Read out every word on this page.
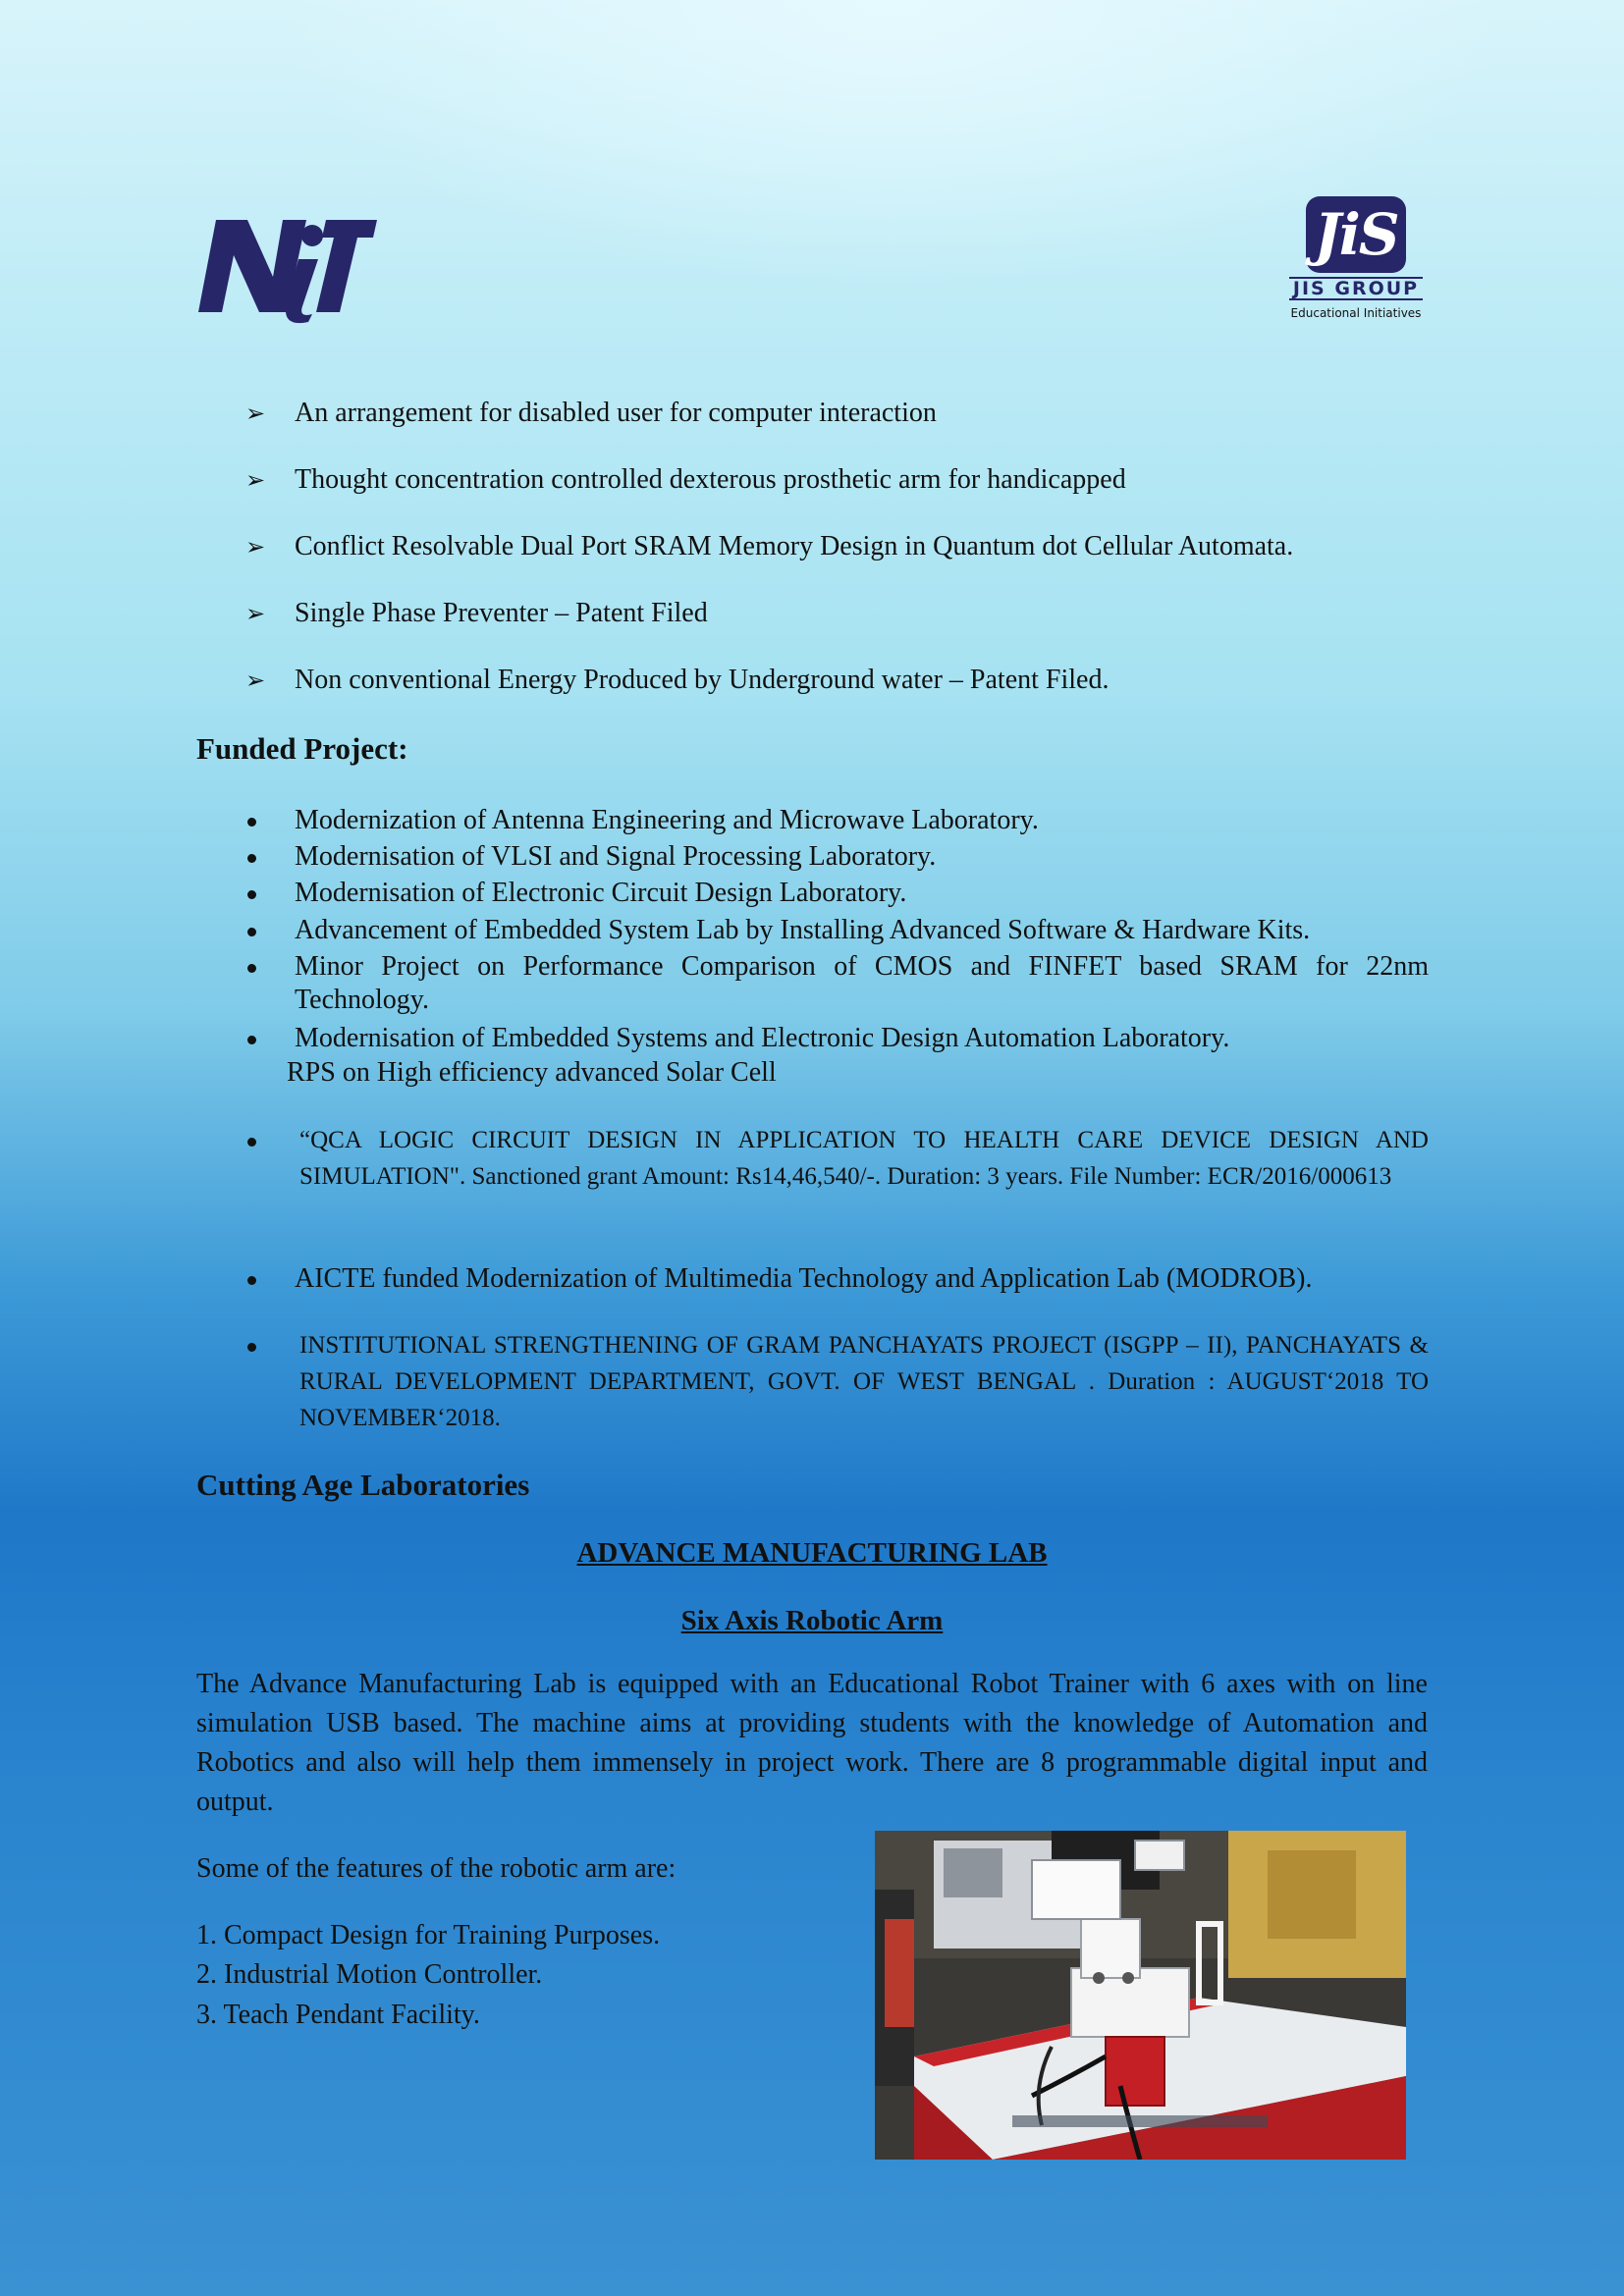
JiS
JIS GROUP
Educational Initiatives
➢ An arrangement for disabled user for computer interaction
➢ Thought concentration controlled dexterous prosthetic arm for handicapped
➢ Conflict Resolvable Dual Port SRAM Memory Design in Quantum dot Cellular Automata.
➢ Single Phase Preventer – Patent Filed
➢ Non conventional Energy Produced by Underground water – Patent Filed.
Funded Project:
Modernization of Antenna Engineering and Microwave Laboratory.
Modernisation of VLSI and Signal Processing Laboratory.
Modernisation of Electronic Circuit Design Laboratory.
Advancement of Embedded System Lab by Installing Advanced Software & Hardware Kits.
Minor Project on Performance Comparison of CMOS and FINFET based SRAM for 22nm Technology.
Modernisation of Embedded Systems and Electronic Design Automation Laboratory.
RPS on High efficiency advanced Solar Cell
“QCA LOGIC CIRCUIT DESIGN IN APPLICATION TO HEALTH CARE DEVICE DESIGN AND SIMULATION". Sanctioned grant Amount: Rs14,46,540/-. Duration: 3 years. File Number: ECR/2016/000613
AICTE funded Modernization of Multimedia Technology and Application Lab (MODROB).
INSTITUTIONAL STRENGTHENING OF GRAM PANCHAYATS PROJECT (ISGPP – II), PANCHAYATS & RURAL DEVELOPMENT DEPARTMENT, GOVT. OF WEST BENGAL . Duration : AUGUST‘2018 TO NOVEMBER‘2018.
Cutting Age Laboratories
ADVANCE MANUFACTURING LAB
Six Axis Robotic Arm
The Advance Manufacturing Lab is equipped with an Educational Robot Trainer with 6 axes with on line simulation USB based. The machine aims at providing students with the knowledge of Automation and Robotics and also will help them immensely in project work. There are 8 programmable digital input and output.
Some of the features of the robotic arm are:
1. Compact Design for Training Purposes.
2. Industrial Motion Controller.
3. Teach Pendant Facility.
